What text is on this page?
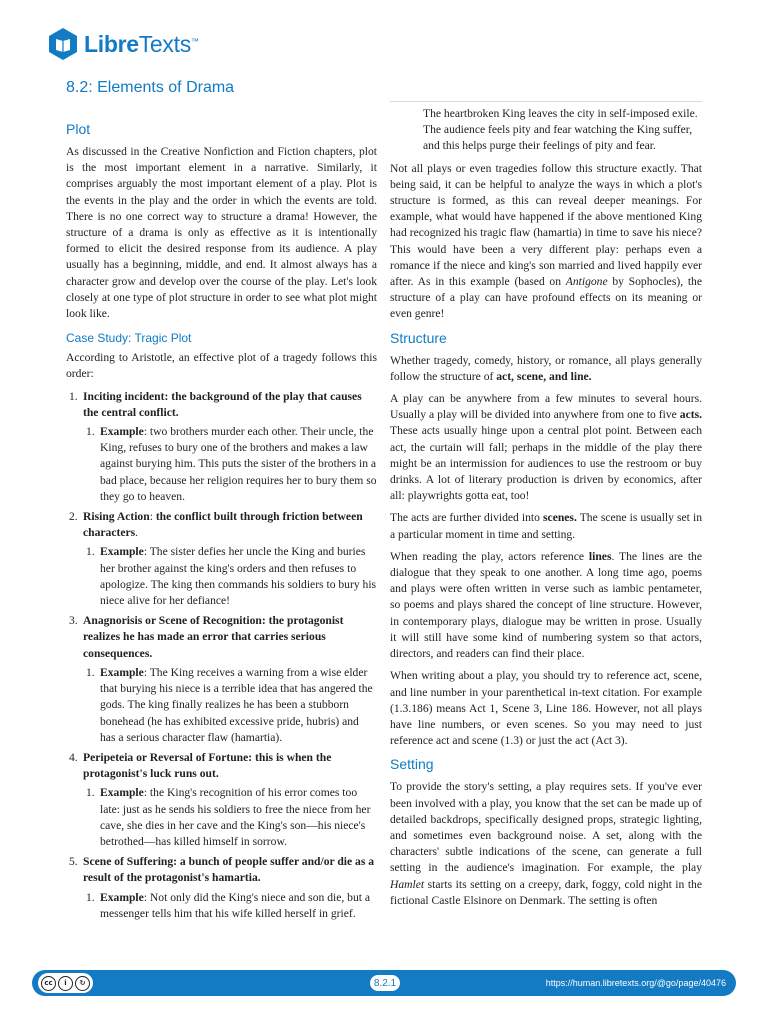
LibreTexts™
8.2: Elements of Drama
Plot

As discussed in the Creative Nonfiction and Fiction chapters, plot is the most important element in a narrative. Similarly, it comprises arguably the most important element of a play. Plot is the events in the play and the order in which the events are told. There is no one correct way to structure a drama! However, the structure of a drama is only as effective as it is intentionally formed to elicit the desired response from its audience. A play usually has a beginning, middle, and end. It almost always has a character grow and develop over the course of the play. Let's look closely at one type of plot structure in order to see what plot might look like.

Case Study: Tragic Plot

According to Aristotle, an effective plot of a tragedy follows this order:

1. Inciting incident: the background of the play that causes the central conflict.
1. Example: two brothers murder each other. Their uncle, the King, refuses to bury one of the brothers and makes a law against burying him. This puts the sister of the brothers in a bad place, because her religion requires her to bury them so they go to heaven.
2. Rising Action: the conflict built through friction between characters.
1. Example: The sister defies her uncle the King and buries her brother against the king's orders and then refuses to apologize. The king then commands his soldiers to bury his niece alive for her defiance!
3. Anagnorisis or Scene of Recognition: the protagonist realizes he has made an error that carries serious consequences.
1. Example: The King receives a warning from a wise elder that burying his niece is a terrible idea that has angered the gods. The king finally realizes he has been a stubborn bonehead (he has exhibited excessive pride, hubris) and has a serious character flaw (hamartia).
4. Peripeteia or Reversal of Fortune: this is when the protagonist's luck runs out.
1. Example: the King's recognition of his error comes too late: just as he sends his soldiers to free the niece from her cave, she dies in her cave and the King's son—his niece's betrothed—has killed himself in sorrow.
5. Scene of Suffering: a bunch of people suffer and/or die as a result of the protagonist's hamartia.
1. Example: Not only did the King's niece and son die, but a messenger tells him that his wife killed herself in grief.

The heartbroken King leaves the city in self-imposed exile. The audience feels pity and fear watching the King suffer, and this helps purge their feelings of pity and fear.

Not all plays or even tragedies follow this structure exactly. That being said, it can be helpful to analyze the ways in which a plot's structure is formed, as this can reveal deeper meanings. For example, what would have happened if the above mentioned King had recognized his tragic flaw (hamartia) in time to save his niece? This would have been a very different play: perhaps even a romance if the niece and king's son married and lived happily ever after. As in this example (based on Antigone by Sophocles), the structure of a play can have profound effects on its meaning or even genre!

Structure

Whether tragedy, comedy, history, or romance, all plays generally follow the structure of act, scene, and line.

A play can be anywhere from a few minutes to several hours. Usually a play will be divided into anywhere from one to five acts. These acts usually hinge upon a central plot point. Between each act, the curtain will fall; perhaps in the middle of the play there might be an intermission for audiences to use the restroom or buy drinks. A lot of literary production is driven by economics, after all: playwrights gotta eat, too!

The acts are further divided into scenes. The scene is usually set in a particular moment in time and setting.

When reading the play, actors reference lines. The lines are the dialogue that they speak to one another. A long time ago, poems and plays were often written in verse such as iambic pentameter, so poems and plays shared the concept of line structure. However, in contemporary plays, dialogue may be written in prose. Usually it will still have some kind of numbering system so that actors, directors, and readers can find their place.

When writing about a play, you should try to reference act, scene, and line number in your parenthetical in-text citation. For example (1.3.186) means Act 1, Scene 3, Line 186. However, not all plays have line numbers, or even scenes. So you may need to just reference act and scene (1.3) or just the act (Act 3).

Setting

To provide the story's setting, a play requires sets. If you've ever been involved with a play, you know that the set can be made up of detailed backdrops, specifically designed props, strategic lighting, and sometimes even background noise. A set, along with the characters' subtle indications of the scene, can generate a full setting in the audience's imagination. For example, the play Hamlet starts its setting on a creepy, dark, foggy, cold night in the fictional Castle Elsinore on Denmark. The setting is often

cc	i	↻	8.2.1	https://human.libretexts.org/@go/page/40476
